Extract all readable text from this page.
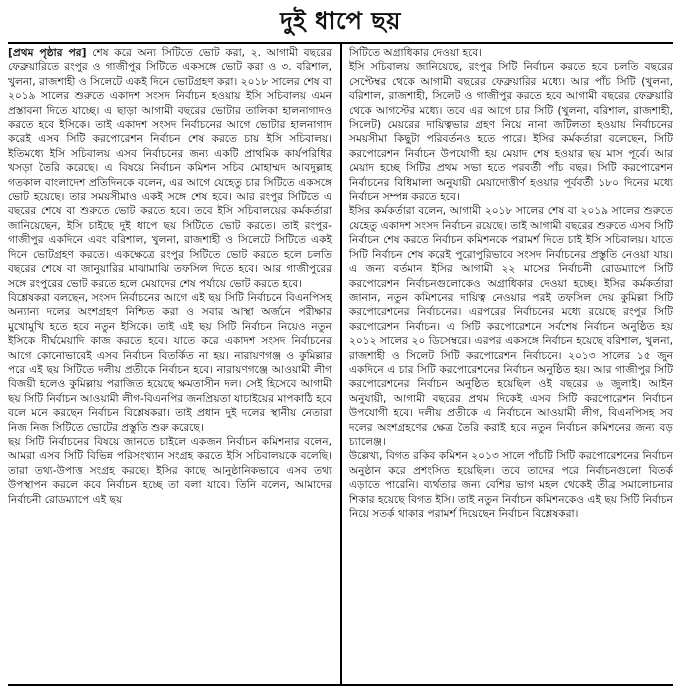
দুই ধাপে ছয়

[প্রথম পৃষ্ঠার পর] শেষ করে অন্য সিটিতে ভোট করা, ২. আগামী বছরের ফেব্রুয়ারিতে রংপুর ও গাজীপুর সিটিতে একসঙ্গে ভোট করা ও ৩. বরিশাল, খুলনা, রাজশাহী ও সিলেটে একই দিনে ভোটগ্রহণ করা। ২০১৮ সালের শেষ বা ২০১৯ সালের শুরুতে একাদশ সংসদ নির্বাচন হওয়ায় ইসি সচিবালয় এমন প্রস্তাবনা দিতে যাচ্ছে। এ ছাড়া আগামী বছরের ভোটার তালিকা হালনাগাদও করতে হবে ইসিকে। তাই একাদশ সংসদ নির্বাচনের আগে ভোটার হালনাগাদ করেই এসব সিটি করপোরেশন নির্বাচন শেষ করতে চায় ইসি সচিবালয়। ইতিমধ্যে ইসি সচিবালয় এসব নির্বাচনের জন্য একটি প্রাথমিক কার্যপরিধির খসড়া তৈরি করেছে। এ বিষয়ে নির্বাচন কমিশন সচিব মোহাম্মদ আবদুল্লাহ গতকাল বাংলাদেশ প্রতিদিনকে বলেন, এর আগে যেহেতু চার সিটিতে একসঙ্গে ভোট হয়েছে। তার সময়সীমাও একই সঙ্গে শেষ হবে। আর রংপুর সিটিতে এ বছরের শেষে বা শুরুতে ভোট করতে হবে। তবে ইসি সচিবালয়ের কর্মকর্তারা জানিয়েছেন, ইসি চাইছে দুই ধাপে ছয় সিটিতে ভোট করতে। তাই রংপুর-গাজীপুর একদিনে এবং বরিশাল, খুলনা, রাজশাহী ও সিলেটে সিটিতে একই দিনে ভোটগ্রহণ করতে। একক্ষেত্রে রংপুর সিটিতে ভোট করতে হলে চলতি বছরের শেষে বা জানুয়ারির মাঝামাঝি তফসিল দিতে হবে। আর গাজীপুরের সঙ্গে রংপুরের ভোট করতে হলে মেয়াদের শেষ পর্যায়ে ভোট করতে হবে।

বিশ্লেষকরা বলছেন, সংসদ নির্বাচনের আগে এই ছয় সিটি নির্বাচনে বিএনপিসহ অন্যান্য দলের অংশগ্রহণ নিশ্চিত করা ও সবার আস্থা অর্জনে পরীক্ষার মুখোমুখি হতে হবে নতুন ইসিকে। তাই এই ছয় সিটি নির্বাচন নিয়েও নতুন ইসিকে দীর্ঘমেয়াদি কাজ করতে হবে। যাতে করে একাদশ সংসদ নির্বাচনের আগে কোনোভাবেই এসব নির্বাচন বিতর্কিত না হয়। নারায়ণগঞ্জ ও কুমিল্লার পরে এই ছয় সিটিতে দলীয় প্রতীকে নির্বাচন হবে। নারায়ণগঞ্জে আওয়ামী লীগ বিজয়ী হলেও কুমিল্লায় পরাজিত হয়েছে ক্ষমতাসীন দল। সেই হিসেবে আগামী ছয় সিটি নির্বাচন আওয়ামী লীগ-বিএনপির জনপ্রিয়তা যাচাইয়ের মাপকাঠি হবে বলে মনে করছেন নির্বাচন বিশ্লেষকরা। তাই প্রধান দুই দলের স্থানীয় নেতারা নিজ নিজ সিটিতে ভোটের প্রস্তুতি শুরু করেছে।

ছয় সিটি নির্বাচনের বিষয়ে জানতে চাইলে একজন নির্বাচন কমিশনার বলেন, আমরা এসব সিটি বিভিন্ন পরিসংখ্যান সংগ্রহ করতে ইসি সচিবালয়কে বলেছি। তারা তথ্য-উপাত্ত সংগ্রহ করছে। ইসির কাছে আনুষ্ঠানিকভাবে এসব তথ্য উপস্থাপন করলে কবে নির্বাচন হচ্ছে তা বলা যাবে। তিনি বলেন, আমাদের নির্বাচনী রোডম্যাপে এই ছয়

সিটিতে অগ্রাধিকার দেওয়া হবে।

ইসি সচিবালয় জানিয়েছে, রংপুর সিটি নির্বাচন করতে হবে চলতি বছরের সেপ্টেম্বর থেকে আগামী বছরের ফেব্রুয়ারির মধ্যে। আর পাঁচ সিটি (খুলনা, বরিশাল, রাজশাহী, সিলেট ও গাজীপুর করতে হবে আগামী বছরের ফেব্রুয়ারি থেকে আগস্টের মধ্যে। তবে এর আগে চার সিটি (খুলনা, বরিশাল, রাজশাহী, সিলেট) মেয়রের দায়িত্বভার গ্রহণ নিয়ে নানা জটিলতা হওয়ায় নির্বাচনের সময়সীমা কিছুটা পরিবর্তনও হতে পারে। ইসির কর্মকর্তারা বলেছেন, সিটি করপোরেশন নির্বাচন উপযোগী হয় মেয়াদ শেষ হওয়ার ছয় মাস পূর্বে। আর মেয়াদ হচ্ছে সিটির প্রথম সভা হতে পরবর্তী পাঁচ বছর। সিটি করপোরেশন নির্বাচনের বিধিমালা অনুযায়ী মেয়াদোত্তীর্ণ হওয়ার পূর্ববর্তী ১৮০ দিনের মধ্যে নির্বাচন সম্পন্ন করতে হবে।

ইসির কর্মকর্তারা বলেন, আগামী ২০১৮ সালের শেষ বা ২০১৯ সালের শুরুতে যেহেতু একাদশ সংসদ নির্বাচন রয়েছে। তাই আগামী বছরের শুরুতে এসব সিটি নির্বাচন শেষ করতে নির্বাচন কমিশনকে পরামর্শ দিতে চাই ইসি সচিবালয়। যাতে সিটি নির্বাচন শেষ করেই পুরোপুরিভাবে সংসদ নির্বাচনের প্রস্তুতি নেওয়া যায়। এ জন্য বর্তমান ইসির আগামী ২২ মাসের নির্বাচনী রোডম্যাপে সিটি করপোরেশন নির্বাচনগুলোকেও অগ্রাধিকার দেওয়া হচ্ছে। ইসির কর্মকর্তারা জানান, নতুন কমিশনের দায়িত্ব নেওয়ার পরই তফসিল দেয় কুমিল্লা সিটি করপোরেশনের নির্বাচনের। এরপরের নির্বাচনের মধ্যে রয়েছে রংপুর সিটি করপোরেশন নির্বাচন। এ সিটি করপোরেশনে সর্বশেষ নির্বাচন অনুষ্ঠিত হয় ২০১২ সালের ২০ ডিসেম্বরে। এরপর একসঙ্গে নির্বাচন হয়েছে বরিশাল, খুলনা, রাজশাহী ও সিলেট সিটি করপোরেশন নির্বাচনে। ২০১৩ সালের ১৫ জুন একদিনে এ চার সিটি করপোরেশনের নির্বাচন অনুষ্ঠিত হয়। আর গাজীপুর সিটি করপোরেশনের নির্বাচন অনুষ্ঠিত হয়েছিল ওই বছরের ৬ জুলাই। আইন অনুযায়ী, আগামী বছরের প্রথম দিকেই এসব সিটি করপোরেশন নির্বাচন উপযোগী হবে। দলীয় প্রতীকে এ নির্বাচনে আওয়ামী লীগ, বিএনপিসহ সব দলের অংশগ্রহণের ক্ষেত্র তৈরি করাই হবে নতুন নির্বাচন কমিশনের জন্য বড় চ্যালেঞ্জ।

উল্লেখ্য, বিগত রকিব কমিশন ২০১৩ সালে পাঁচটি সিটি করপোরেশনের নির্বাচন অনুষ্ঠান করে প্রশংসিত হয়েছিল। তবে তাদের পরে নির্বাচনগুলো বিতর্ক এড়াতে পারেনি। ব্যর্থতার জন্য বেশির ভাগ মহল থেকেই তীব্র সমালোচনার শিকার হয়েছে বিগত ইসি। তাই নতুন নির্বাচন কমিশনকেও এই ছয় সিটি নির্বাচন নিয়ে সতর্ক থাকার পরামর্শ দিয়েছেন নির্বাচন বিশ্লেষকরা।
